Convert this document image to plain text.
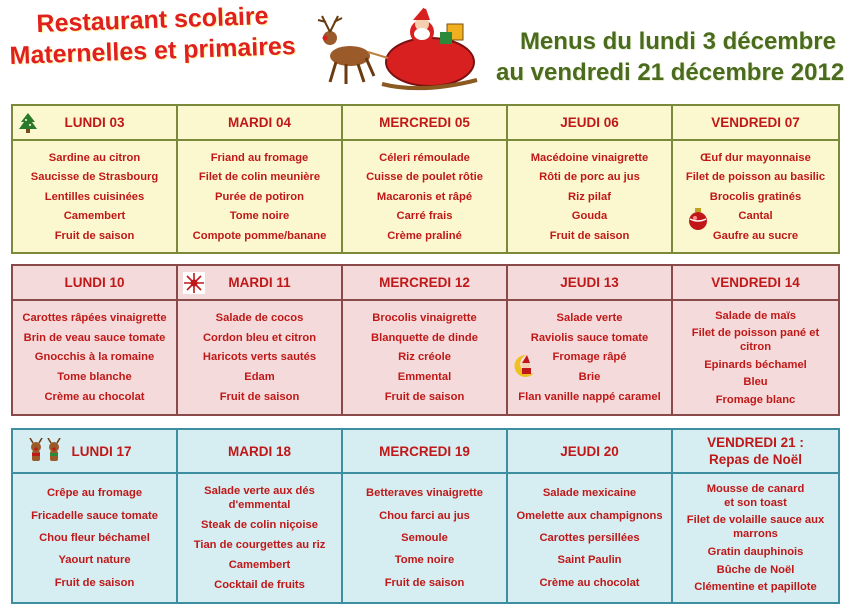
Restaurant scolaire
Maternelles et primaires	Menus du lundi 3 décembre
au vendredi 21 décembre 2012
LUNDI 03
Sardine au citron
Saucisse de Strasbourg
Lentilles cuisinées
Camembert
Fruit de saison
MARDI 04
Friand au fromage
Filet de colin meunière
Purée de potiron
Tome noire
Compote pomme/banane
MERCREDI 05
Céleri rémoulade
Cuisse de poulet rôtie
Macaronis et râpé
Carré frais
Crème praliné
JEUDI 06
Macédoine vinaigrette
Rôti de porc au jus
Riz pilaf
Gouda
Fruit de saison
VENDREDI 07
Œuf dur mayonnaise
Filet de poisson au basilic
Brocolis gratinés
Cantal
Gaufre au sucre
LUNDI 10
Carottes râpées vinaigrette
Brin de veau sauce tomate
Gnocchis à la romaine
Tome blanche
Crème au chocolat
MARDI 11
Salade de cocos
Cordon bleu et citron
Haricots verts sautés
Edam
Fruit de saison
MERCREDI 12
Brocolis vinaigrette
Blanquette de dinde
Riz créole
Emmental
Fruit de saison
JEUDI 13
Salade verte
Raviolis sauce tomate
Fromage râpé
Brie
Flan vanille nappé caramel
VENDREDI 14
Salade de maïs
Filet de poisson pané et citron
Epinards béchamel
Bleu
Fromage blanc
LUNDI 17
Crêpe au fromage
Fricadelle sauce tomate
Chou fleur béchamel
Yaourt nature
Fruit de saison
MARDI 18
Salade verte aux dés d'emmental
Steak de colin niçoise
Tian de courgettes au riz
Camembert
Cocktail de fruits
MERCREDI 19
Betteraves vinaigrette
Chou farci au jus
Semoule
Tome noire
Fruit de saison
JEUDI 20
Salade mexicaine
Omelette aux champignons
Carottes persillées
Saint Paulin
Crème au chocolat
VENDREDI 21 : Repas de Noël
Mousse de canard et son toast
Filet de volaille sauce aux marrons
Gratin dauphinois
Bûche de Noël
Clémentine et papillote
